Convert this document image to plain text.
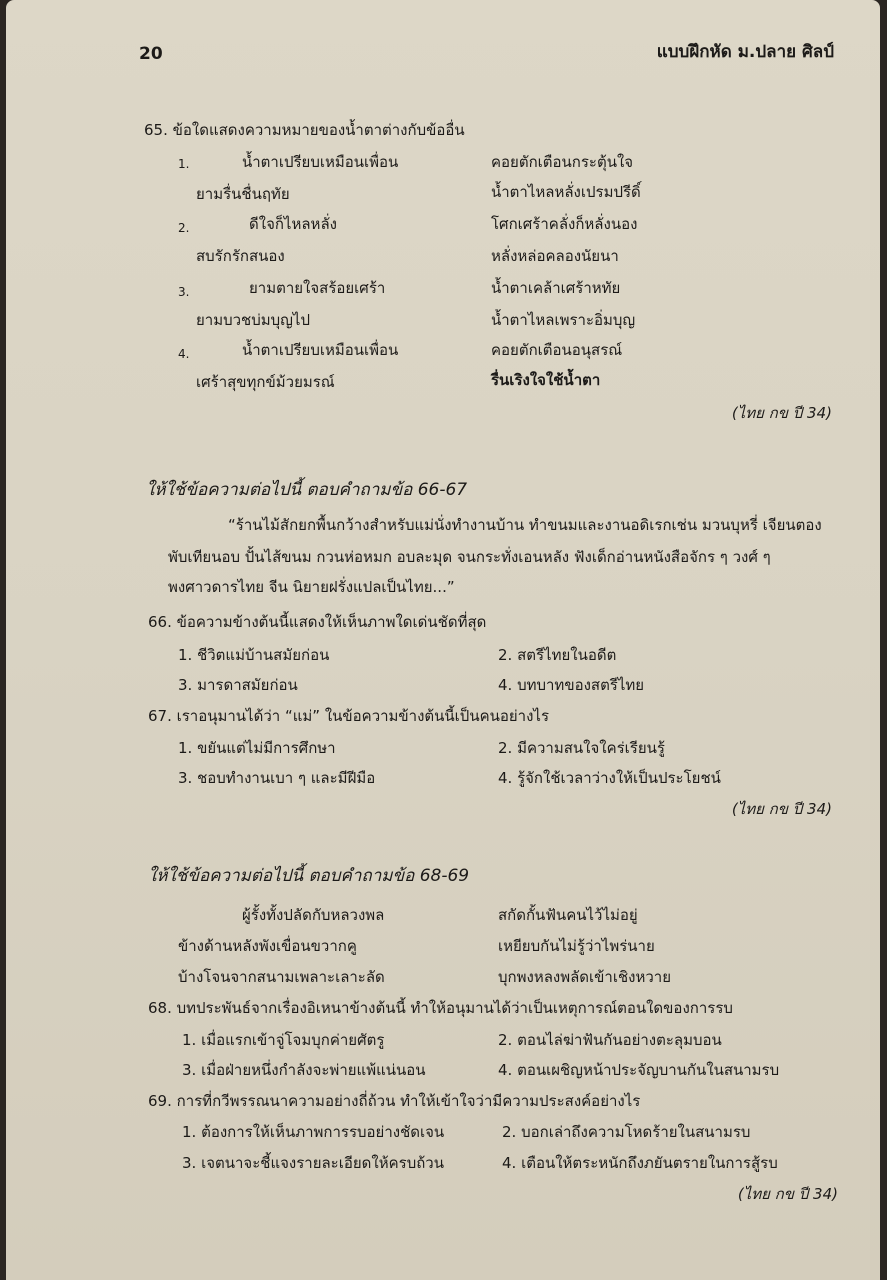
20	แบบฝึกหัด ม.ปลาย ศิลป์
65. ข้อใดแสดงความหมายของน้ำตาต่างกับข้ออื่น
1.	น้ำตาเปรียบเหมือนเพื่อน	คอยตักเตือนกระตุ้นใจ
ยามรื่นชื่นฤทัย	น้ำตาไหลหลั่งเปรมปรีดิ์
2.	ดีใจก็ไหลหลั่ง	โศกเศร้าคลั่งก็หลั่งนอง
สบรักรักสนอง	หลั่งหล่อคลองนัยนา
3.	ยามตายใจสร้อยเศร้า	น้ำตาเคล้าเศร้าหทัย
ยามบวชบ่มบุญไป	น้ำตาไหลเพราะอิ่มบุญ
4.	น้ำตาเปรียบเหมือนเพื่อน	คอยตักเตือนอนุสรณ์
เศร้าสุขทุกข์ม้วยมรณ์	รื่นเริงใจใช้น้ำตา
(ไทย กข ปี 34)
ให้ใช้ข้อความต่อไปนี้ ตอบคำถามข้อ 66-67
“ร้านไม้สักยกพื้นกว้างสำหรับแม่นั่งทำงานบ้าน ทำขนมและงานอดิเรกเช่น มวนบุหรี่ เจียนตอง
พับเทียนอบ ปั้นไส้ขนม กวนห่อหมก อบละมุด จนกระทั่งเอนหลัง ฟังเด็กอ่านหนังสือจักร ๆ วงศ์ ๆ
พงศาวดารไทย จีน นิยายฝรั่งแปลเป็นไทย...”
66. ข้อความข้างต้นนี้แสดงให้เห็นภาพใดเด่นชัดที่สุด
1. ชีวิตแม่บ้านสมัยก่อน	2. สตรีไทยในอดีต
3. มารดาสมัยก่อน	4. บทบาทของสตรีไทย
67. เราอนุมานได้ว่า “แม่” ในข้อความข้างต้นนี้เป็นคนอย่างไร
1. ขยันแต่ไม่มีการศึกษา	2. มีความสนใจใคร่เรียนรู้
3. ชอบทำงานเบา ๆ และมีฝีมือ	4. รู้จักใช้เวลาว่างให้เป็นประโยชน์
(ไทย กข ปี 34)
ให้ใช้ข้อความต่อไปนี้ ตอบคำถามข้อ 68-69
ผู้รั้งทั้งปลัดกับหลวงพล	สกัดกั้นฟันคนไว้ไม่อยู่
ข้างด้านหลังพังเขื่อนขวากคู	เหยียบกันไม่รู้ว่าไพร่นาย
บ้างโจนจากสนามเพลาะเลาะลัด	บุกพงหลงพลัดเข้าเชิงหวาย
68. บทประพันธ์จากเรื่องอิเหนาข้างต้นนี้ ทำให้อนุมานได้ว่าเป็นเหตุการณ์ตอนใดของการรบ
1. เมื่อแรกเข้าจู่โจมบุกค่ายศัตรู	2. ตอนไล่ฆ่าฟันกันอย่างตะลุมบอน
3. เมื่อฝ่ายหนึ่งกำลังจะพ่ายแพ้แน่นอน	4. ตอนเผชิญหน้าประจัญบานกันในสนามรบ
69. การที่กวีพรรณนาความอย่างถี่ถ้วน ทำให้เข้าใจว่ามีความประสงค์อย่างไร
1. ต้องการให้เห็นภาพการรบอย่างชัดเจน	2. บอกเล่าถึงความโหดร้ายในสนามรบ
3. เจตนาจะชี้แจงรายละเอียดให้ครบถ้วน	4. เตือนให้ตระหนักถึงภยันตรายในการสู้รบ
(ไทย กข ปี 34)
